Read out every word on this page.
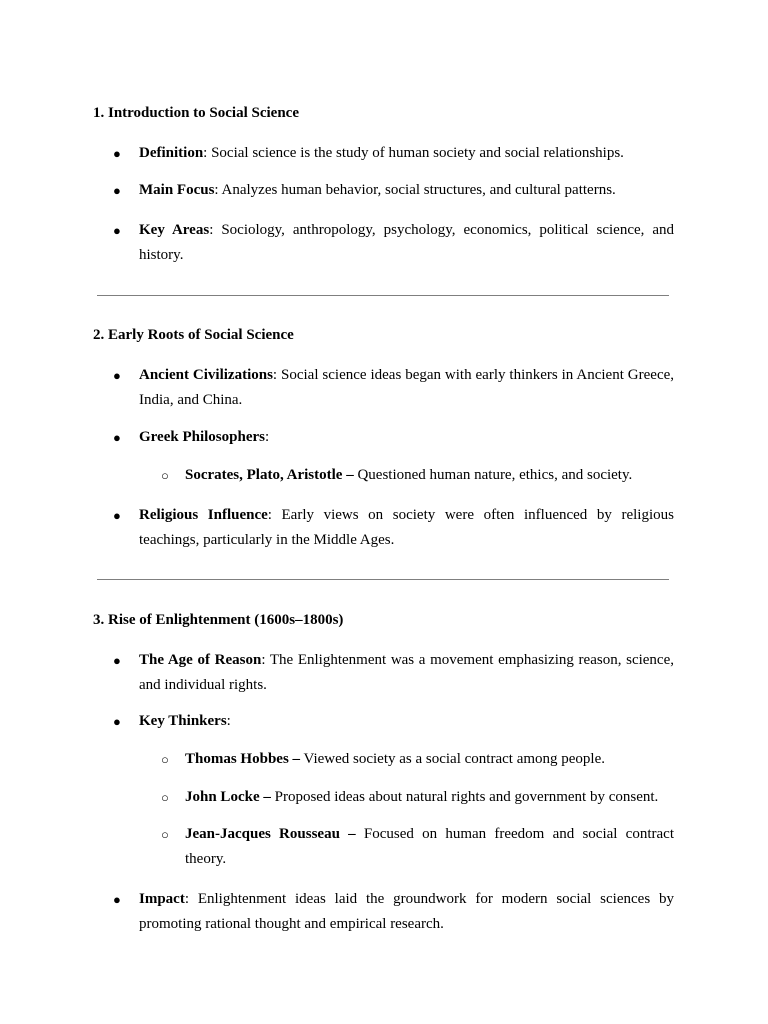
1. Introduction to Social Science
● Definition: Social science is the study of human society and social relationships.
● Main Focus: Analyzes human behavior, social structures, and cultural patterns.
● Key Areas: Sociology, anthropology, psychology, economics, political science, and history.
2. Early Roots of Social Science
● Ancient Civilizations: Social science ideas began with early thinkers in Ancient Greece, India, and China.
● Greek Philosophers:
○ Socrates, Plato, Aristotle – Questioned human nature, ethics, and society.
● Religious Influence: Early views on society were often influenced by religious teachings, particularly in the Middle Ages.
3. Rise of Enlightenment (1600s–1800s)
● The Age of Reason: The Enlightenment was a movement emphasizing reason, science, and individual rights.
● Key Thinkers:
○ Thomas Hobbes – Viewed society as a social contract among people.
○ John Locke – Proposed ideas about natural rights and government by consent.
○ Jean-Jacques Rousseau – Focused on human freedom and social contract theory.
● Impact: Enlightenment ideas laid the groundwork for modern social sciences by promoting rational thought and empirical research.
